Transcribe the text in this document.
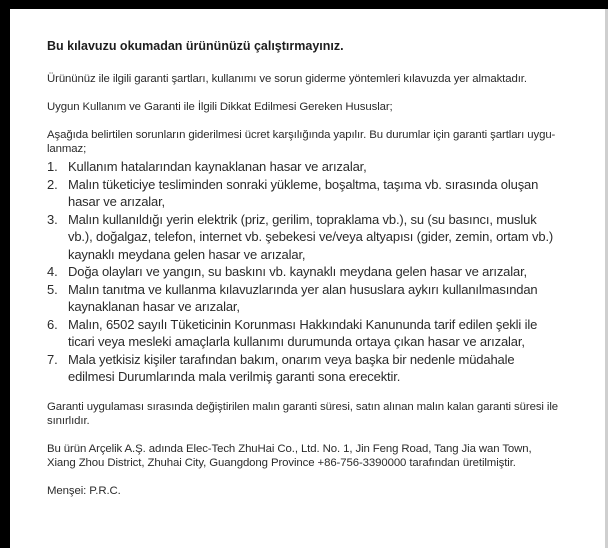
Bu kılavuzu okumadan ürününüzü çalıştırmayınız.

Ürününüz ile ilgili garanti şartları, kullanımı ve sorun giderme yöntemleri kılavuzda yer almaktadır.

Uygun Kullanım ve Garanti ile İlgili Dikkat Edilmesi Gereken Hususlar;

Aşağıda belirtilen sorunların giderilmesi ücret karşılığında yapılır. Bu durumlar için garanti şartları uygu-
lanmaz;
1. Kullanım hatalarından kaynaklanan hasar ve arızalar,
2. Malın tüketiciye tesliminden sonraki yükleme, boşaltma, taşıma vb. sırasında oluşan hasar ve arızalar,
3. Malın kullanıldığı yerin elektrik (priz, gerilim, topraklama vb.), su (su basıncı, musluk vb.), doğalgaz, telefon, internet vb. şebekesi ve/veya altyapısı (gider, zemin, ortam vb.) kaynaklı meydana gelen hasar ve arızalar,
4. Doğa olayları ve yangın, su baskını vb. kaynaklı meydana gelen hasar ve arızalar,
5. Malın tanıtma ve kullanma kılavuzlarında yer alan hususlara aykırı kullanılmasından kaynaklanan hasar ve arızalar,
6. Malın, 6502 sayılı Tüketicinin Korunması Hakkındaki Kanununda tarif edilen şekli ile ticari veya mesleki amaçlarla kullanımı durumunda ortaya çıkan hasar ve arızalar,
7. Mala yetkisiz kişiler tarafından bakım, onarım veya başka bir nedenle müdahale edilmesi Durumlarında mala verilmiş garanti sona erecektir.

Garanti uygulaması sırasında değiştirilen malın garanti süresi, satın alınan malın kalan garanti süresi ile sınırlıdır.

Bu ürün Arçelik A.Ş. adında Elec-Tech ZhuHai Co., Ltd. No. 1, Jin Feng Road, Tang Jia wan Town, Xiang Zhou District, Zhuhai City, Guangdong Province +86-756-3390000 tarafından üretilmiştir.

Menşei: P.R.C.
